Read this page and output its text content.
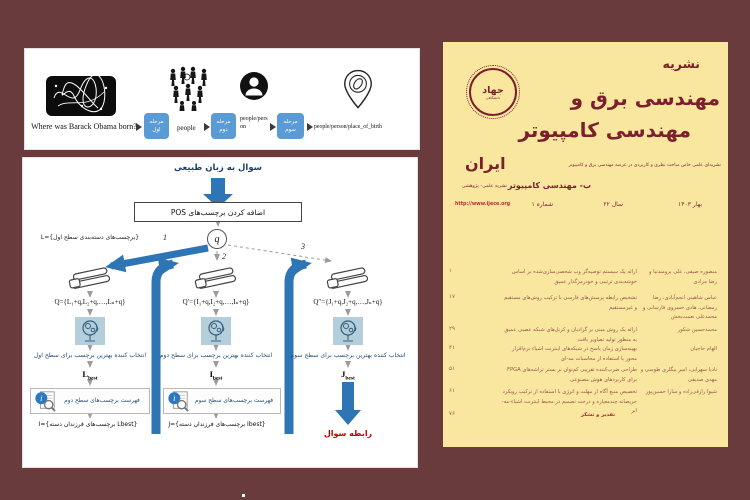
Where was Barack Obama born?
مرحله اول	people
مرحله دوم
people/person
مرحله سوم	people/person/place_of_birth
سوال به زبان طبیعی
اضافه کردن برچسب‌های POS
q
1
2
3
L={برچسب‌های دسته‌بندی سطح اول}
Q={L₁+q,L₂+q,…,Lₙ+q}	Q′={I₁+q,I₂+q,…,Iₙ+q}	Q″={J₁+q,J₂+q,…,Jₙ+q}
انتخاب کننده بهترین برچسب برای سطح اول	انتخاب کننده بهترین برچسب برای سطح دوم	انتخاب کننده بهترین برچسب برای سطح سوم
$L_{best}$	$I_{best}$	$J_{best}$
i	فهرست برچسب‌های سطح دوم	i	فهرست برچسب‌های سطح سوم
I={برچسب‌های فرزندان دسته Lbest}	J={برچسب‌های فرزندان دسته Ibest}
رابطه سوال
جهاد
دانشگاهی
نشریه
مهندسی برق و
مهندسی کامپیوتر
ایران	نشریه‌ای علمی خاص مباحث نظری و کاربردی در عرصه مهندسی برق و کامپیوتر
ب- مهندسی کامپیوتر
نشریه علمی- پژوهشی
بهار ۱۴۰۳
سال ۲۲
شماره ۱
http://www.ijece.org
۱	ارائه یک سیستم توصیه‌گر وب شخصی‌سازی‌شده بر اساس خوشه‌بندی ترتیبی و خودرمزگذار عمیق
منصوره صیفی، علی برومندنیا و رضا مرادی
۱۷	تشخیص رابطه پرسش‌های فارسی با ترکیب روش‌های مستقیم و غیرمستقیم
عباس شاهینی انجم‌آبادی، رضا رمضانی، هادی خسروی فارسانی و محمدعلی نعمت‌بخش
۲۹	ارائه یک روش مبنی بر گرادیان و کرنل‌های شبکه عصبی عمیق به منظور تولید تصاویر بافت
محمدحسین شکور
۴۱	بهینه‌سازی زمان پاسخ در شبکه‌های اینترنت اشیاء نرم‌افزار محور با استفاده از محاسبات مه-ای
الهام حاجیان
۵۱	طراحی ضرب‌کننده تقریبی کم‌توان بر بستر تراشه‌های FPGA برای کاربردهای هوش مصنوعی
نادیا سهرابی، امیر بیگلری طوسی و مهدی صدیقی
۶۱	تخصیص منبع آگاه از مهلت و انرژی با استفاده از ترکیب رویکرد حریصانه چندمعیاره و درخت تصمیم در محیط اینترنت اشیاء-مه-ابر
شیوا رازقی‌زاده و سارا حسین‌پور
۷۶	تقدیر و تشکر
